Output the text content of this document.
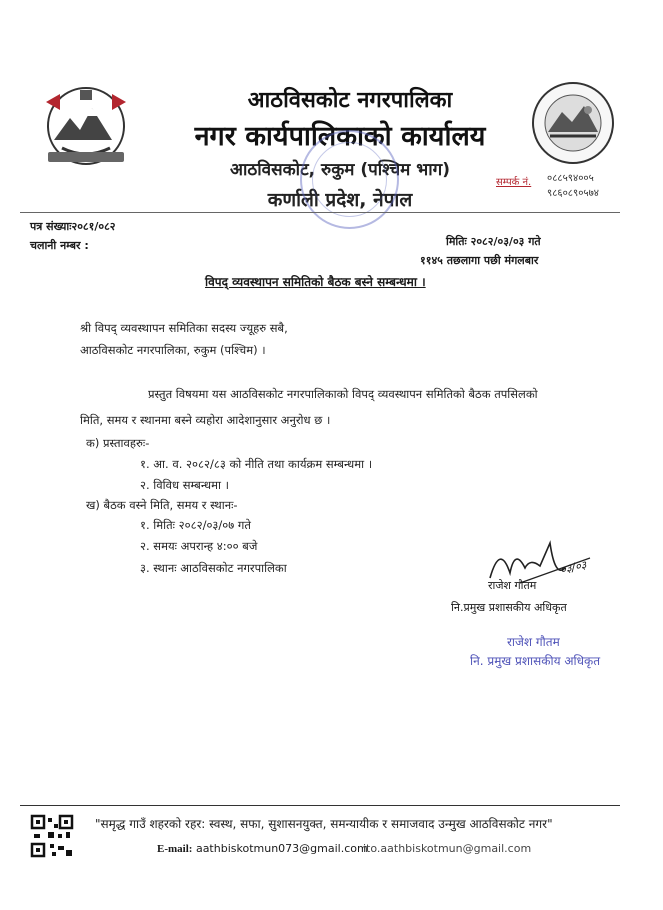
आठविसकोट नगरपालिका
नगर कार्यपालिकाको कार्यालय
आठविसकोट, रुकुम (पश्चिम भाग)
कर्णाली प्रदेश, नेपाल
सम्पर्क नं. ०८८५९४००५
९८६०८९०५७४
पत्र संख्याः२०८१/०८२
चलानी नम्बर :	मितिः २०८२/०३/०३ गते
११४५ तछलागा पछी मंगलबार
विपद् व्यवस्थापन समितिको बैठक बस्ने सम्बन्धमा ।
श्री विपद् व्यवस्थापन समितिका सदस्य ज्यूहरु सबै,
आठविसकोट नगरपालिका, रुकुम (पश्चिम) ।
प्रस्तुत विषयमा यस आठविसकोट नगरपालिकाको विपद् व्यवस्थापन समितिको बैठक तपसिलको
मिति, समय र स्थानमा बस्ने व्यहोरा आदेशानुसार अनुरोध छ ।
क) प्रस्तावहरुः-
१. आ. व. २०८२/८३ को नीति तथा कार्यक्रम सम्बन्धमा ।
२. विविध सम्बन्धमा ।
ख) बैठक वस्ने मिति, समय र स्थानः-
१. मितिः २०८२/०३/०७ गते
२. समयः अपरान्ह ४:०० बजे
३. स्थानः आठविसकोट नगरपालिका	०३/०३
राजेश गौतम
नि.प्रमुख प्रशासकीय अधिकृत
राजेश गौतम
नि. प्रमुख प्रशासकीय अधिकृत
"समृद्ध गाउँ शहरको रहर: स्वस्थ, सफा, सुशासनयुक्त, समन्यायीक र समाजवाद उन्मुख आठविसकोट नगर"
E-mail: aathbiskotmun073@gmail.com
ito.aathbiskotmun@gmail.com
